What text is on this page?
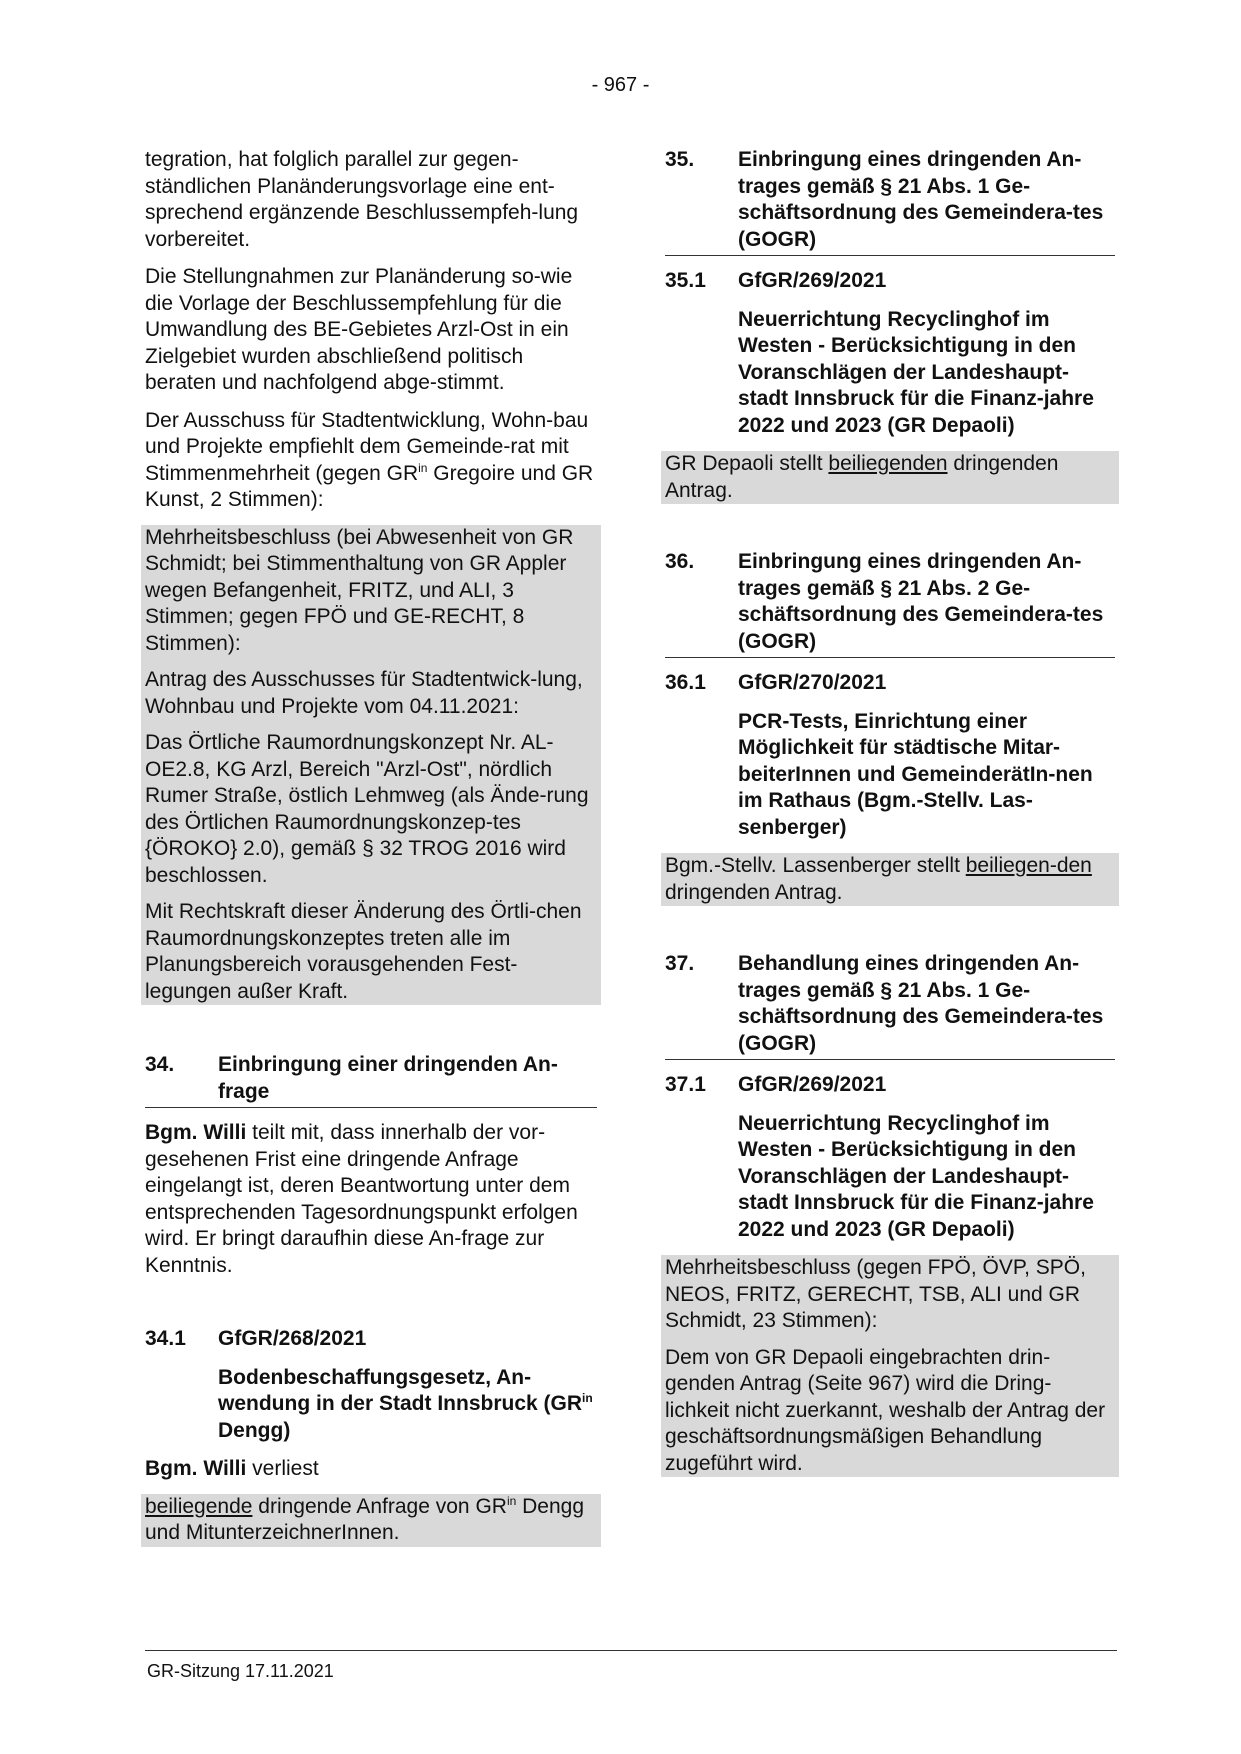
- 967 -

tegration, hat folglich parallel zur gegen-ständlichen Planänderungsvorlage eine ent-sprechend ergänzende Beschlussempfeh-lung vorbereitet.

Die Stellungnahmen zur Planänderung so-wie die Vorlage der Beschlussempfehlung für die Umwandlung des BE-Gebietes Arzl-Ost in ein Zielgebiet wurden abschließend politisch beraten und nachfolgend abge-stimmt.

Der Ausschuss für Stadtentwicklung, Wohn-bau und Projekte empfiehlt dem Gemeinde-rat mit Stimmenmehrheit (gegen $GR^{in}$ Gregoire und GR Kunst, 2 Stimmen):

Mehrheitsbeschluss (bei Abwesenheit von GR Schmidt; bei Stimmenthaltung von GR Appler wegen Befangenheit, FRITZ, und ALI, 3 Stimmen; gegen FPÖ und GE-RECHT, 8 Stimmen):

Antrag des Ausschusses für Stadtentwick-lung, Wohnbau und Projekte vom 04.11.2021:

Das Örtliche Raumordnungskonzept Nr. AL-OE2.8, KG Arzl, Bereich "Arzl-Ost", nördlich Rumer Straße, östlich Lehmweg (als Ände-rung des Örtlichen Raumordnungskonzep-tes {ÖROKO} 2.0), gemäß § 32 TROG 2016 wird beschlossen.

Mit Rechtskraft dieser Änderung des Örtli-chen Raumordnungskonzeptes treten alle im Planungsbereich vorausgehenden Fest-legungen außer Kraft.

34.	Einbringung einer dringenden An-frage

Bgm. Willi teilt mit, dass innerhalb der vor-gesehenen Frist eine dringende Anfrage eingelangt ist, deren Beantwortung unter dem entsprechenden Tagesordnungspunkt erfolgen wird. Er bringt daraufhin diese An-frage zur Kenntnis.

34.1	GfGR/268/2021
Bodenbeschaffungsgesetz, An-wendung in der Stadt Innsbruck ($GR^{in}$ Dengg)

Bgm. Willi verliest

beiliegende dringende Anfrage von $GR^{in}$ Dengg und MitunterzeichnerInnen.

35.	Einbringung eines dringenden An-trages gemäß § 21 Abs. 1 Ge-schäftsordnung des Gemeindera-tes (GOGR)
35.1	GfGR/269/2021
Neuerrichtung Recyclinghof im Westen - Berücksichtigung in den Voranschlägen der Landeshaupt-stadt Innsbruck für die Finanz-jahre 2022 und 2023 (GR Depaoli)

GR Depaoli stellt beiliegenden dringenden Antrag.

36.	Einbringung eines dringenden An-trages gemäß § 21 Abs. 2 Ge-schäftsordnung des Gemeindera-tes (GOGR)
36.1	GfGR/270/2021
PCR-Tests, Einrichtung einer Möglichkeit für städtische Mitar-beiterInnen und GemeinderätIn-nen im Rathaus (Bgm.-Stellv. Las-senberger)

Bgm.-Stellv. Lassenberger stellt beiliegen-den dringenden Antrag.

37.	Behandlung eines dringenden An-trages gemäß § 21 Abs. 1 Ge-schäftsordnung des Gemeindera-tes (GOGR)
37.1	GfGR/269/2021
Neuerrichtung Recyclinghof im Westen - Berücksichtigung in den Voranschlägen der Landeshaupt-stadt Innsbruck für die Finanz-jahre 2022 und 2023 (GR Depaoli)

Mehrheitsbeschluss (gegen FPÖ, ÖVP, SPÖ, NEOS, FRITZ, GERECHT, TSB, ALI und GR Schmidt, 23 Stimmen):

Dem von GR Depaoli eingebrachten drin-genden Antrag (Seite 967) wird die Dring-lichkeit nicht zuerkannt, weshalb der Antrag der geschäftsordnungsmäßigen Behandlung zugeführt wird.

GR-Sitzung 17.11.2021
